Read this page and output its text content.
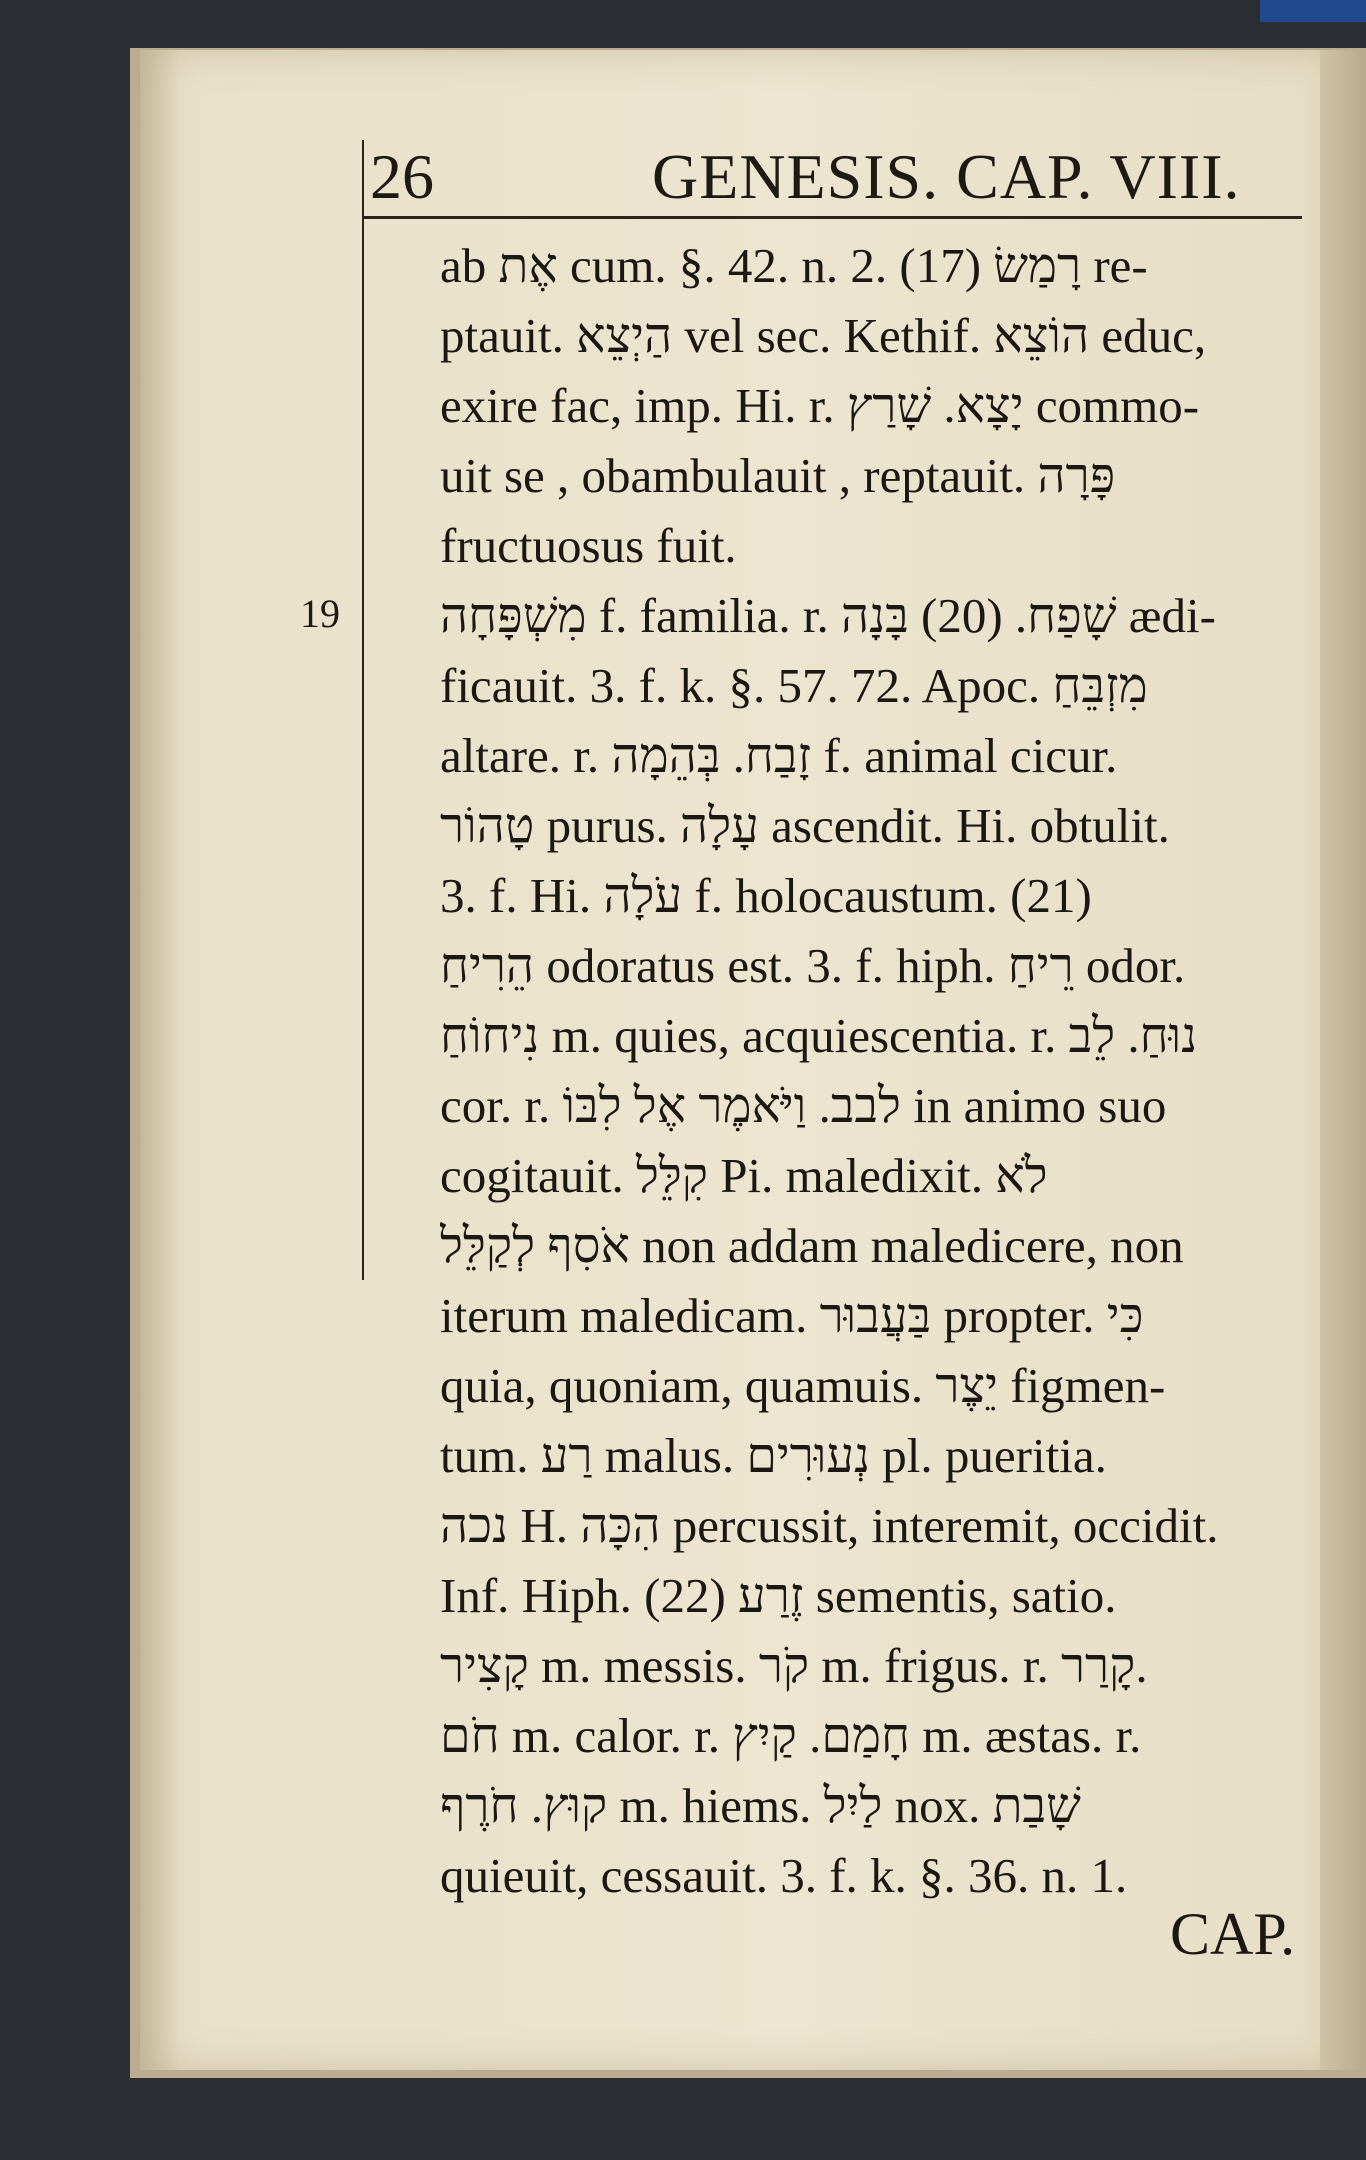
26	GENESIS. CAP. VIII.
19
ab אֶת cum. §. 42. n. 2. (17) רָמַשׂ re-
ptauit. הַיְצֵא vel sec. Kethif. הוֹצֵא educ,
exire fac, imp. Hi. r. יָצָא. שָׁרַץ commo-
uit se , obambulauit , reptauit. פָּרָה
fructuosus fuit.
מִשְׁפָּחָה f. familia. r. שָׁפַח. (20) בָּנָה ædi-
ficauit. 3. f. k. §. 57. 72. Apoc. מִזְבֵּחַ
altare. r. זָבַח. בְּהֵמָה f. animal cicur.
טָהוֹר purus. עָלָה ascendit. Hi. obtulit.
3. f. Hi. עֹלָה f. holocaustum. (21)
הֵרִיחַ odoratus est. 3. f. hiph. רֵיחַ odor.
נִיחוֹחַ m. quies, acquiescentia. r. נוּחַ. לֵב
cor. r. לבב. וַיֹּאמֶר אֶל לִבּוֹ in animo suo
cogitauit. קִלֵּל Pi. maledixit. לֹא
אֹסִף לְקַלֵּל non addam maledicere, non
iterum maledicam. בַּעֲבוּר propter. כִּי
quia, quoniam, quamuis. יֵצֶר figmen-
tum. רַע malus. נְעוּרִים pl. pueritia.
נכה H. הִכָּה percussit, interemit, occidit.
Inf. Hiph. (22) זֶרַע sementis, satio.
קָצִיר m. messis. קֹר m. frigus. r. קָרַר.
חֹם m. calor. r. חָמַם. קַיִץ m. æstas. r.
קוּץ. חֹרֶף m. hiems. לַיִל nox. שָׁבַת
quieuit, cessauit. 3. f. k. §. 36. n. 1.
CAP.
